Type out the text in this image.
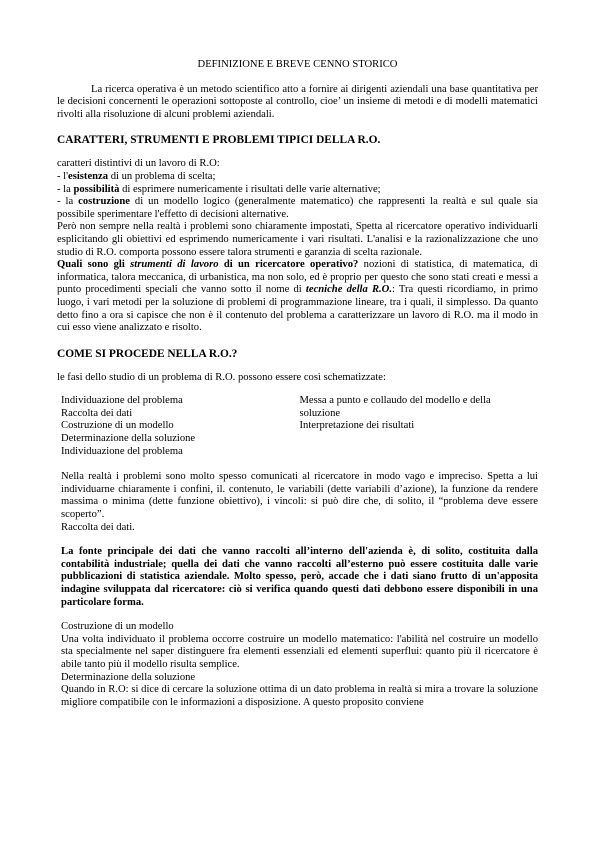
DEFINIZIONE E BREVE CENNO STORICO

La ricerca operativa è un metodo scientifico atto a fornire ai dirigenti aziendali una base quantitativa per le decisioni concernenti le operazioni sottoposte al controllo, cioe’ un insieme di metodi e di modelli matematici rivolti alla risoluzione di alcuni problemi aziendali.

CARATTERI, STRUMENTI E PROBLEMI TIPICI DELLA R.O.

caratteri distintivi di un lavoro di R.O:

- l'esistenza di un problema di scelta;

- la possibilità di esprimere numericamente i risultati delle varie alternative;

- la costruzione di un modello logico (generalmente matematico) che rappresenti la realtà e sul quale sia possibile sperimentare l'effetto di decisioni alternative.

Però non sempre nella realtà i problemi sono chiaramente impostati, Spetta al ricercatore operativo individuarli esplicitando gli obiettivi ed esprimendo numericamente i vari risultati. L'analisi e la razionalizzazione che uno studio di R.O. comporta possono essere talora strumenti e garanzia di scelta razionale.

Quali sono gli strumenti di lavoro di un ricercatore operativo? nozioni di statistica, di matematica, di informatica, talora meccanica, di urbanistica, ma non solo, ed è proprio per questo che sono stati creati e messi a punto procedimenti speciali che vanno sotto il nome di tecniche della R.O.: Tra questi ricordiamo, in primo luogo, i vari metodi per la soluzione di problemi di programmazione lineare, tra i quali, il simplesso. Da quanto detto fino a ora si capisce che non è il contenuto del problema a caratterizzare un lavoro di R.O. ma il modo in cui esso viene analizzato e risolto.

COME SI PROCEDE NELLA R.O.?

le fasi dello studio di un problema di R.O. possono essere così schematizzate:

Individuazione del problema

Raccolta dei dati

Costruzione di un modello

Determinazione della soluzione

Individuazione del problema

Messa a punto e collaudo del modello e della soluzione

Interpretazione dei risultati

Nella realtà i problemi sono molto spesso comunicati al ricercatore in modo vago e impreciso. Spetta a lui individuarne chiaramente i confini, il. contenuto, le variabili (dette variabili d’azione), la funzione da rendere massima o minima (dette funzione obiettivo), i vincoli: si può dire che, di solito, il “problema deve essere scoperto”.

Raccolta dei dati.

La fonte principale dei dati che vanno raccolti all’interno dell'azienda è, di solito, costituita dalla contabilità industriale; quella dei dati che vanno raccolti all’esterno può essere costituita dalle varie pubblicazioni di statistica aziendale. Molto spesso, però, accade che i dati siano frutto di un'apposita indagine sviluppata dal ricercatore: ciò si verifica quando questi dati debbono essere disponibili in una particolare forma.

Costruzione di un modello

Una volta individuato il problema occorre costruire un modello matematico: l'abilità nel costruire un modello sta specialmente nel saper distinguere fra elementi essenziali ed elementi superflui: quanto più il ricercatore è abile tanto più il modello risulta semplice.

Determinazione della soluzione

Quando in R.O: si dice di cercare la soluzione ottima di un dato problema in realtà si mira a trovare la soluzione migliore compatibile con le informazioni a disposizione. A questo proposito conviene
